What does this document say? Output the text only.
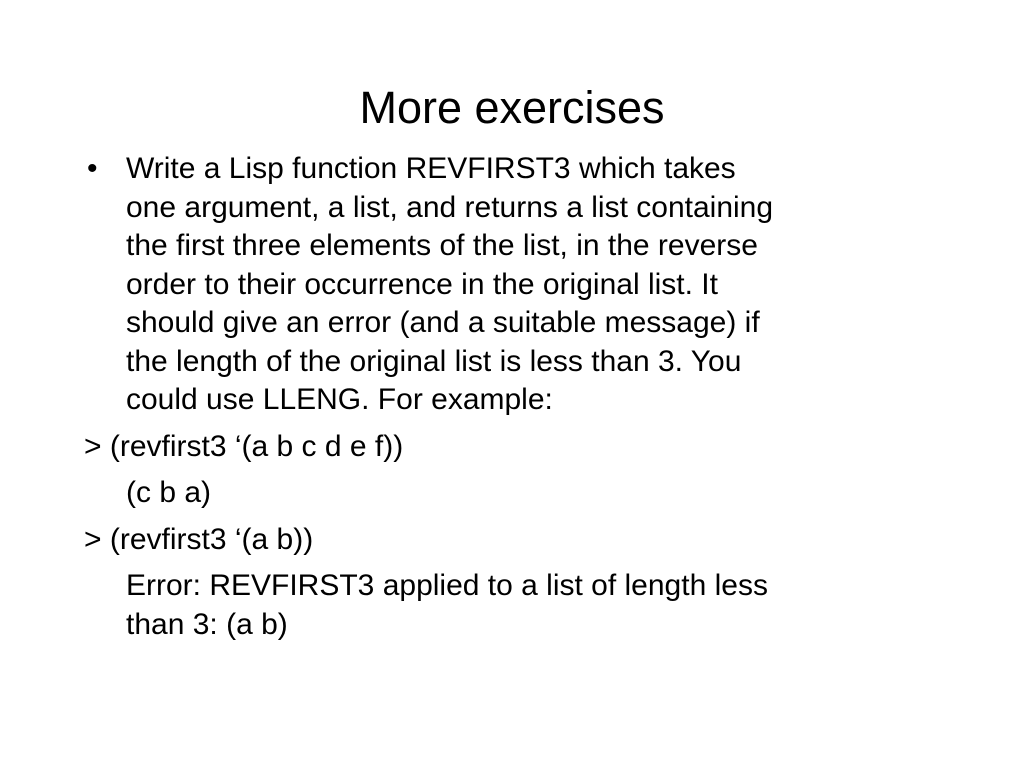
More exercises
• Write a Lisp function REVFIRST3 which takes
one argument, a list, and returns a list containing
the first three elements of the list, in the reverse
order to their occurrence in the original list. It
should give an error (and a suitable message) if
the length of the original list is less than 3. You
could use LLENG. For example:
> (revfirst3 ‘(a b c d e f))
(c b a)
> (revfirst3 ‘(a b))
Error: REVFIRST3 applied to a list of length less
than 3: (a b)
